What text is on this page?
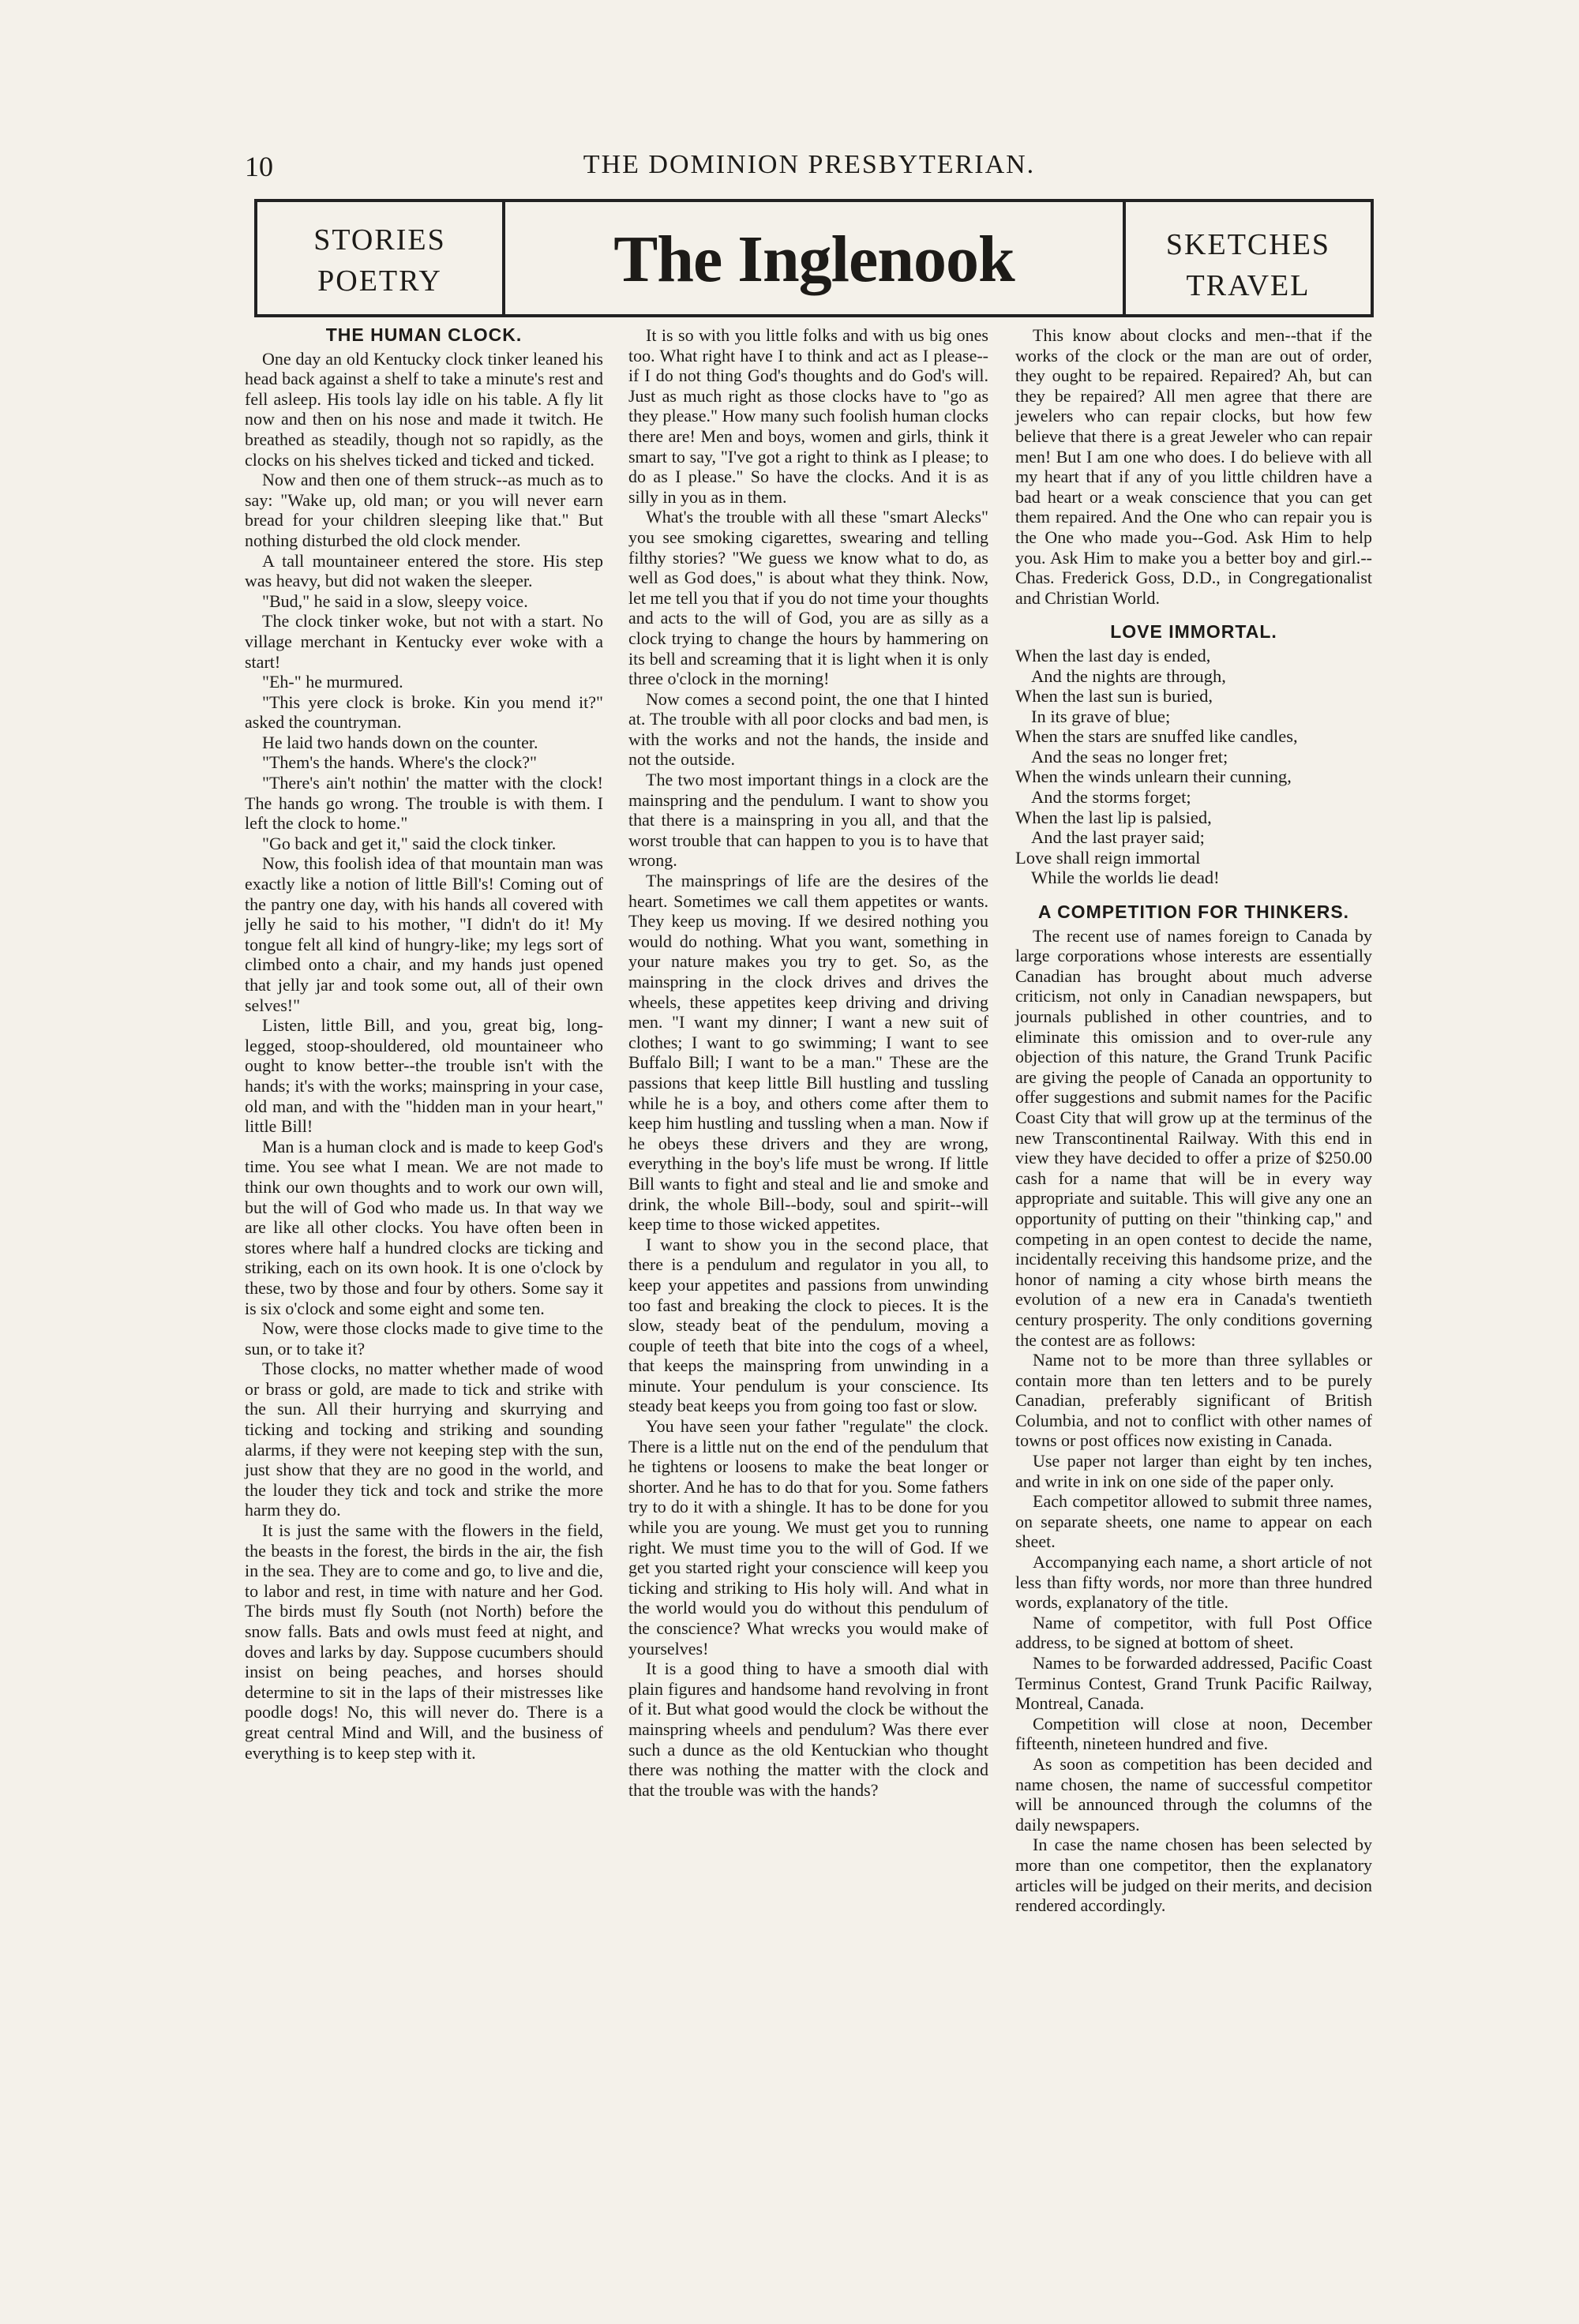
10	THE DOMINION PRESBYTERIAN.
STORIES
POETRY	The Inglenook	SKETCHES
TRAVEL
THE HUMAN CLOCK.

One day an old Kentucky clock tinker leaned his head back against a shelf to take a minute's rest and fell asleep. His tools lay idle on his table. A fly lit now and then on his nose and made it twitch. He breathed as steadily, though not so rapidly, as the clocks on his shelves ticked and ticked and ticked.

Now and then one of them struck--as much as to say: "Wake up, old man; or you will never earn bread for your children sleeping like that." But nothing disturbed the old clock mender.

A tall mountaineer entered the store. His step was heavy, but did not waken the sleeper.

"Bud," he said in a slow, sleepy voice.

The clock tinker woke, but not with a start. No village merchant in Kentucky ever woke with a start!

"Eh-" he murmured.

"This yere clock is broke. Kin you mend it?" asked the countryman.

He laid two hands down on the counter.

"Them's the hands. Where's the clock?"

"There's ain't nothin' the matter with the clock! The hands go wrong. The trouble is with them. I left the clock to home."

"Go back and get it," said the clock tinker.

Now, this foolish idea of that mountain man was exactly like a notion of little Bill's! Coming out of the pantry one day, with his hands all covered with jelly he said to his mother, "I didn't do it! My tongue felt all kind of hungry-like; my legs sort of climbed onto a chair, and my hands just opened that jelly jar and took some out, all of their own selves!"

Listen, little Bill, and you, great big, long-legged, stoop-shouldered, old mountaineer who ought to know better--the trouble isn't with the hands; it's with the works; mainspring in your case, old man, and with the "hidden man in your heart," little Bill!

Man is a human clock and is made to keep God's time. You see what I mean. We are not made to think our own thoughts and to work our own will, but the will of God who made us. In that way we are like all other clocks. You have often been in stores where half a hundred clocks are ticking and striking, each on its own hook. It is one o'clock by these, two by those and four by others. Some say it is six o'clock and some eight and some ten.

Now, were those clocks made to give time to the sun, or to take it?

Those clocks, no matter whether made of wood or brass or gold, are made to tick and strike with the sun. All their hurrying and skurrying and ticking and tocking and striking and sounding alarms, if they were not keeping step with the sun, just show that they are no good in the world, and the louder they tick and tock and strike the more harm they do.

It is just the same with the flowers in the field, the beasts in the forest, the birds in the air, the fish in the sea. They are to come and go, to live and die, to labor and rest, in time with nature and her God. The birds must fly South (not North) before the snow falls. Bats and owls must feed at night, and doves and larks by day. Suppose cucumbers should insist on being peaches, and horses should determine to sit in the laps of their mistresses like poodle dogs! No, this will never do. There is a great central Mind and Will, and the business of everything is to keep step with it.

It is so with you little folks and with us big ones too. What right have I to think and act as I please--if I do not thing God's thoughts and do God's will. Just as much right as those clocks have to "go as they please." How many such foolish human clocks there are! Men and boys, women and girls, think it smart to say, "I've got a right to think as I please; to do as I please." So have the clocks. And it is as silly in you as in them.

What's the trouble with all these "smart Alecks" you see smoking cigarettes, swearing and telling filthy stories? "We guess we know what to do, as well as God does," is about what they think. Now, let me tell you that if you do not time your thoughts and acts to the will of God, you are as silly as a clock trying to change the hours by hammering on its bell and screaming that it is light when it is only three o'clock in the morning!

Now comes a second point, the one that I hinted at. The trouble with all poor clocks and bad men, is with the works and not the hands, the inside and not the outside.

The two most important things in a clock are the mainspring and the pendulum. I want to show you that there is a mainspring in you all, and that the worst trouble that can happen to you is to have that wrong.

The mainsprings of life are the desires of the heart. Sometimes we call them appetites or wants. They keep us moving. If we desired nothing you would do nothing. What you want, something in your nature makes you try to get. So, as the mainspring in the clock drives and drives the wheels, these appetites keep driving and driving men. "I want my dinner; I want a new suit of clothes; I want to go swimming; I want to see Buffalo Bill; I want to be a man." These are the passions that keep little Bill hustling and tussling while he is a boy, and others come after them to keep him hustling and tussling when a man. Now if he obeys these drivers and they are wrong, everything in the boy's life must be wrong. If little Bill wants to fight and steal and lie and smoke and drink, the whole Bill--body, soul and spirit--will keep time to those wicked appetites.

I want to show you in the second place, that there is a pendulum and regulator in you all, to keep your appetites and passions from unwinding too fast and breaking the clock to pieces. It is the slow, steady beat of the pendulum, moving a couple of teeth that bite into the cogs of a wheel, that keeps the mainspring from unwinding in a minute. Your pendulum is your conscience. Its steady beat keeps you from going too fast or slow.

You have seen your father "regulate" the clock. There is a little nut on the end of the pendulum that he tightens or loosens to make the beat longer or shorter. And he has to do that for you. Some fathers try to do it with a shingle. It has to be done for you while you are young. We must get you to running right. We must time you to the will of God. If we get you started right your conscience will keep you ticking and striking to His holy will. And what in the world would you do without this pendulum of the conscience? What wrecks you would make of yourselves!

It is a good thing to have a smooth dial with plain figures and handsome hand revolving in front of it. But what good would the clock be without the mainspring wheels and pendulum? Was there ever such a dunce as the old Kentuckian who thought there was nothing the matter with the clock and that the trouble was with the hands?

This know about clocks and men--that if the works of the clock or the man are out of order, they ought to be repaired. Repaired? Ah, but can they be repaired? All men agree that there are jewelers who can repair clocks, but how few believe that there is a great Jeweler who can repair men! But I am one who does. I do believe with all my heart that if any of you little children have a bad heart or a weak conscience that you can get them repaired. And the One who can repair you is the One who made you--God. Ask Him to help you. Ask Him to make you a better boy and girl.--Chas. Frederick Goss, D.D., in Congregationalist and Christian World.

LOVE IMMORTAL.
When the last day is ended,
And the nights are through,
When the last sun is buried,
In its grave of blue;
When the stars are snuffed like candles,
And the seas no longer fret;
When the winds unlearn their cunning,
And the storms forget;
When the last lip is palsied,
And the last prayer said;
Love shall reign immortal
While the worlds lie dead!
A COMPETITION FOR THINKERS.

The recent use of names foreign to Canada by large corporations whose interests are essentially Canadian has brought about much adverse criticism, not only in Canadian newspapers, but journals published in other countries, and to eliminate this omission and to over-rule any objection of this nature, the Grand Trunk Pacific are giving the people of Canada an opportunity to offer suggestions and submit names for the Pacific Coast City that will grow up at the terminus of the new Transcontinental Railway. With this end in view they have decided to offer a prize of $250.00 cash for a name that will be in every way appropriate and suitable. This will give any one an opportunity of putting on their "thinking cap," and competing in an open contest to decide the name, incidentally receiving this handsome prize, and the honor of naming a city whose birth means the evolution of a new era in Canada's twentieth century prosperity. The only conditions governing the contest are as follows:

Name not to be more than three syllables or contain more than ten letters and to be purely Canadian, preferably significant of British Columbia, and not to conflict with other names of towns or post offices now existing in Canada.

Use paper not larger than eight by ten inches, and write in ink on one side of the paper only.

Each competitor allowed to submit three names, on separate sheets, one name to appear on each sheet.

Accompanying each name, a short article of not less than fifty words, nor more than three hundred words, explanatory of the title.

Name of competitor, with full Post Office address, to be signed at bottom of sheet.

Names to be forwarded addressed, Pacific Coast Terminus Contest, Grand Trunk Pacific Railway, Montreal, Canada.

Competition will close at noon, December fifteenth, nineteen hundred and five.

As soon as competition has been decided and name chosen, the name of successful competitor will be announced through the columns of the daily newspapers.

In case the name chosen has been selected by more than one competitor, then the explanatory articles will be judged on their merits, and decision rendered accordingly.
